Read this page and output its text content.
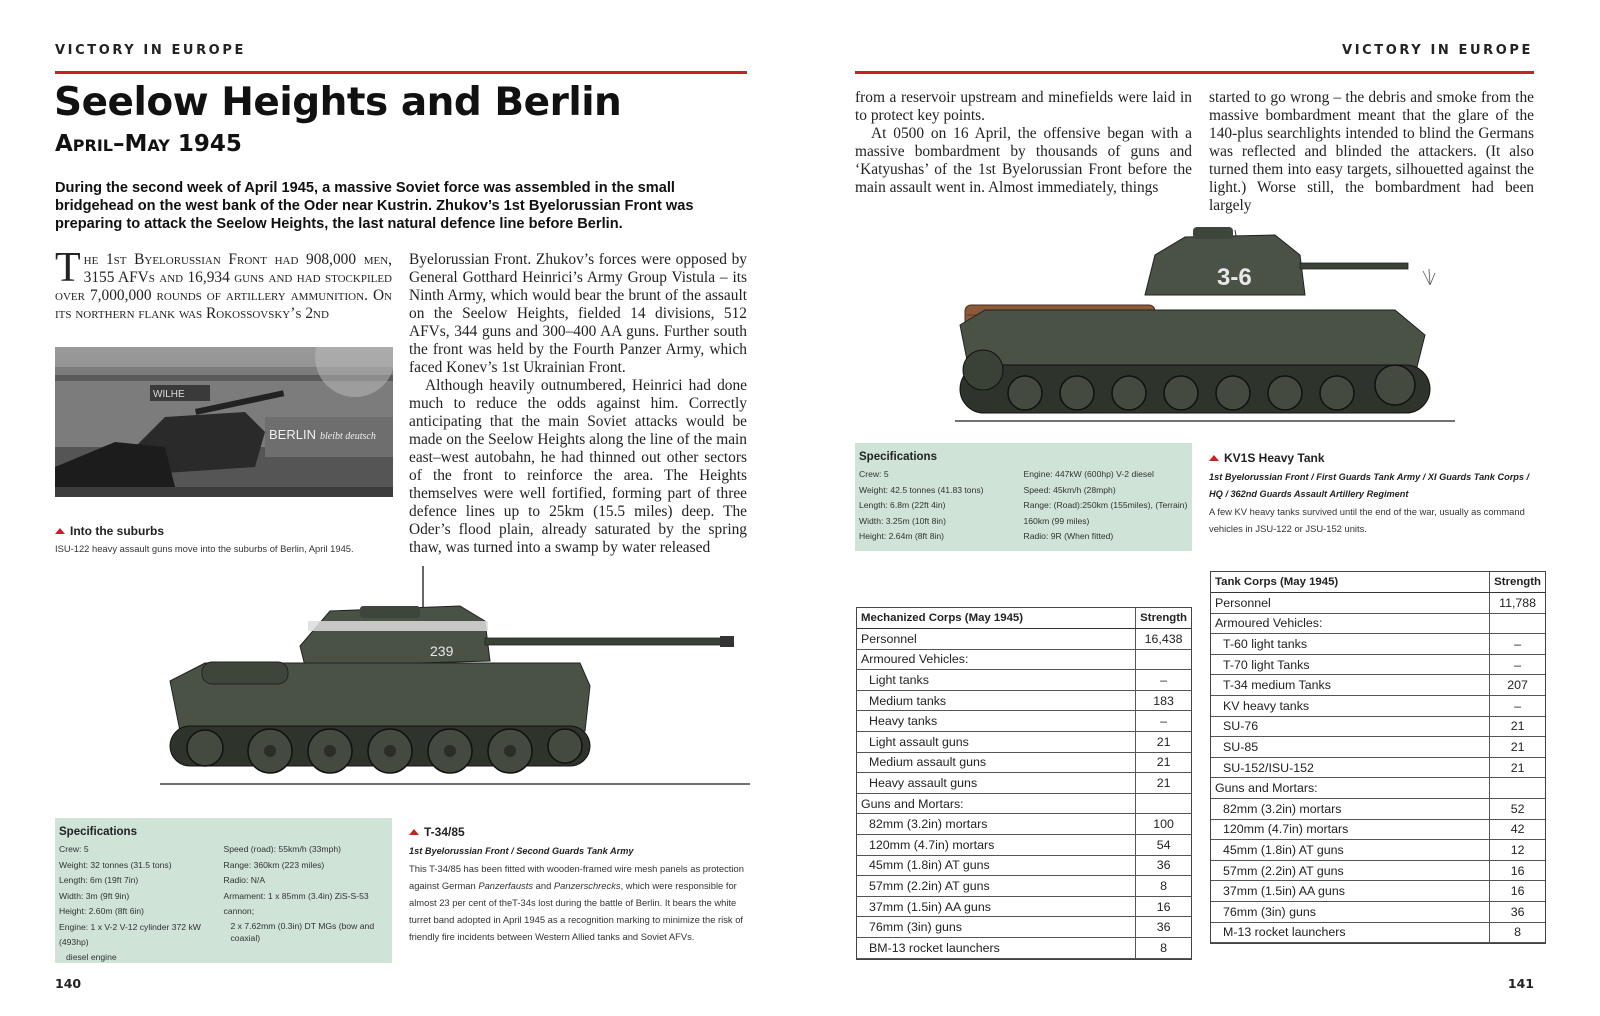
VICTORY IN EUROPE
Seelow Heights and Berlin
April–May 1945
During the second week of April 1945, a massive Soviet force was assembled in the small bridgehead on the west bank of the Oder near Kustrin. Zhukov’s 1st Byelorussian Front was preparing to attack the Seelow Heights, the last natural defence line before Berlin.
The 1st Byelorussian Front had 908,000 men, 3155 AFVs and 16,934 guns and had stockpiled over 7,000,000 rounds of artillery ammunition. On its northern flank was Rokossovsky’s 2nd

Byelorussian Front. Zhukov’s forces were opposed by General Gotthard Heinrici’s Army Group Vistula – its Ninth Army, which would bear the brunt of the assault on the Seelow Heights, fielded 14 divisions, 512 AFVs, 344 guns and 300–400 AA guns. Further south the front was held by the Fourth Panzer Army, which faced Konev’s 1st Ukrainian Front.

Although heavily outnumbered, Heinrici had done much to reduce the odds against him. Correctly anticipating that the main Soviet attacks would be made on the Seelow Heights along the line of the main east–west autobahn, he had thinned out other sectors of the front to reinforce the area. The Heights themselves were well fortified, forming part of three defence lines up to 25km (15.5 miles) deep. The Oder’s flood plain, already saturated by the spring thaw, was turned into a swamp by water released

WILHE
BERLIN bleibt deutsch
Into the suburbs
ISU-122 heavy assault guns move into the suburbs of Berlin, April 1945.
239
Specifications
Crew: 5
Weight: 32 tonnes (31.5 tons)
Length: 6m (19ft 7in)
Width: 3m (9ft 9in)
Height: 2.60m (8ft 6in)
Engine: 1 x V-2 V-12 cylinder 372 kW (493hp)
diesel engine
Speed (road): 55km/h (33mph)
Range: 360km (223 miles)
Radio: N/A
Armament: 1 x 85mm (3.4in) ZiS-S-53 cannon;
2 x 7.62mm (0.3in) DT MGs (bow and coaxial)
T-34/85
1st Byelorussian Front / Second Guards Tank Army
This T-34/85 has been fitted with wooden-framed wire mesh panels as protection against German Panzerfausts and Panzerschrecks, which were responsible for almost 23 per cent of theT-34s lost during the battle of Berlin. It bears the white turret band adopted in April 1945 as a recognition marking to minimize the risk of friendly fire incidents between Western Allied tanks and Soviet AFVs.
140
VICTORY IN EUROPE

from a reservoir upstream and minefields were laid in to protect key points.

At 0500 on 16 April, the offensive began with a massive bombardment by thousands of guns and ‘Katyushas’ of the 1st Byelorussian Front before the main assault went in. Almost immediately, things

started to go wrong – the debris and smoke from the massive bombardment meant that the glare of the 140-plus searchlights intended to blind the Germans was reflected and blinded the attackers. (It also turned them into easy targets, silhouetted against the light.) Worse still, the bombardment had been largely
3-6
Specifications
Crew: 5
Weight: 42.5 tonnes (41.83 tons)
Length: 6.8m (22ft 4in)
Width: 3.25m (10ft 8in)
Height: 2.64m (8ft 8in)
Engine: 447kW (600hp) V-2 diesel
Speed: 45km/h (28mph)
Range: (Road):250km (155miles), (Terrain)
160km (99 miles)
Radio: 9R (When fitted)
KV1S Heavy Tank
1st Byelorussian Front / First Guards Tank Army / XI Guards Tank Corps / HQ / 362nd Guards Assault Artillery Regiment
A few KV heavy tanks survived until the end of the war, usually as command vehicles in JSU-122 or JSU-152 units.
Mechanized Corps (May 1945)	Strength
Personnel	16,438
Armoured Vehicles:	
Light tanks	–
Medium tanks	183
Heavy tanks	–
Light assault guns	21
Medium assault guns	21
Heavy assault guns	21
Guns and Mortars:	
82mm (3.2in) mortars	100
120mm (4.7in) mortars	54
45mm (1.8in) AT guns	36
57mm (2.2in) AT guns	8
37mm (1.5in) AA guns	16
76mm (3in) guns	36
BM-13 rocket launchers	8
Tank Corps (May 1945)	Strength
Personnel	11,788
Armoured Vehicles:	
T-60 light tanks	–
T-70 light Tanks	–
T-34 medium Tanks	207
KV heavy tanks	–
SU-76	21
SU-85	21
SU-152/ISU-152	21
Guns and Mortars:	
82mm (3.2in) mortars	52
120mm (4.7in) mortars	42
45mm (1.8in) AT guns	12
57mm (2.2in) AT guns	16
37mm (1.5in) AA guns	16
76mm (3in) guns	36
M-13 rocket launchers	8
141
